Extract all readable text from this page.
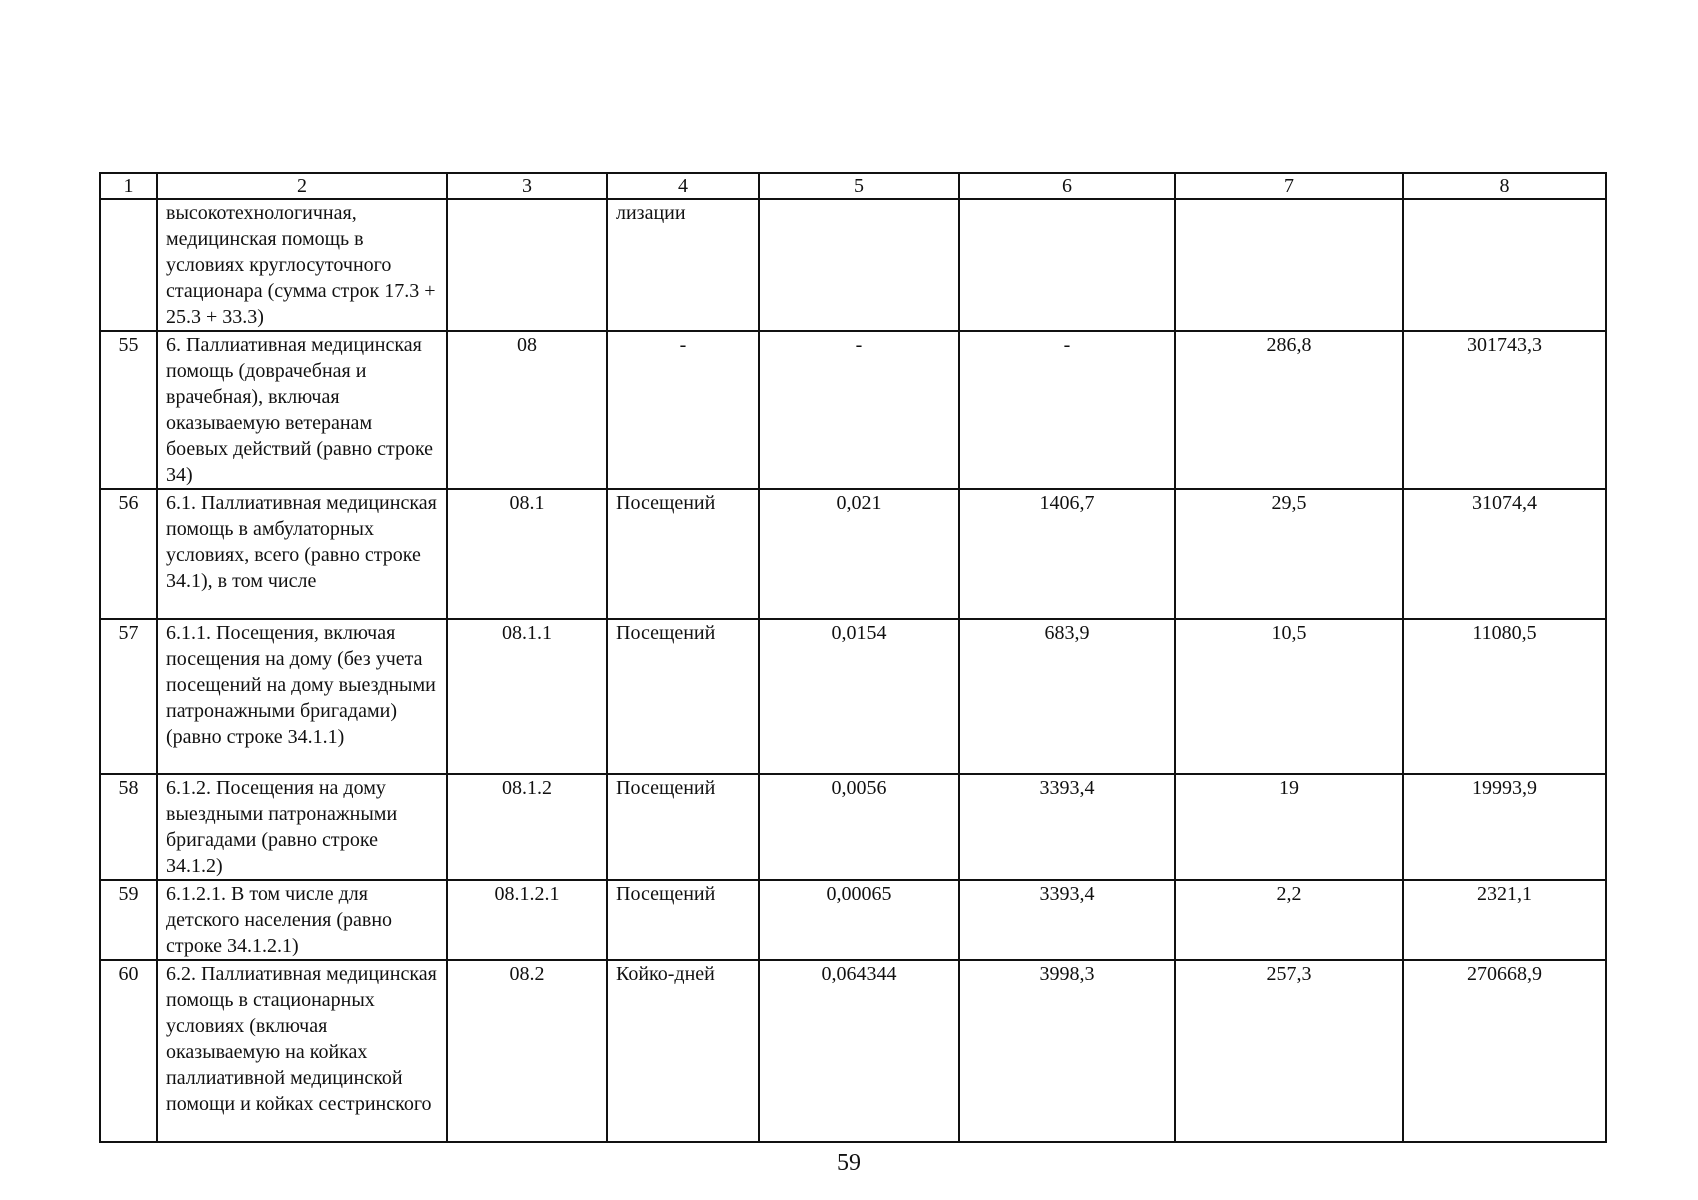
1	2	3	4	5	6	7	8
	высокотехнологичная, медицинская помощь в условиях круглосуточного стационара (сумма строк 17.3 + 25.3 + 33.3)		лизации				
55	6. Паллиативная медицинская помощь (доврачебная и врачебная), включая оказываемую ветеранам боевых действий (равно строке 34)	08	-	-	-	286,8	301743,3
56	6.1. Паллиативная медицинская помощь в амбулаторных условиях, всего (равно строке 34.1), в том числе	08.1	Посещений	0,021	1406,7	29,5	31074,4
57	6.1.1. Посещения, включая посещения на дому (без учета посещений на дому выездными патронажными бригадами) (равно строке 34.1.1)	08.1.1	Посещений	0,0154	683,9	10,5	11080,5
58	6.1.2. Посещения на дому выездными патронажными бригадами (равно строке 34.1.2)	08.1.2	Посещений	0,0056	3393,4	19	19993,9
59	6.1.2.1. В том числе для детского населения (равно строке 34.1.2.1)	08.1.2.1	Посещений	0,00065	3393,4	2,2	2321,1
60	6.2. Паллиативная медицинская помощь в стационарных условиях (включая оказываемую на койках паллиативной медицинской помощи и койках сестринского	08.2	Койко-дней	0,064344	3998,3	257,3	270668,9
59
